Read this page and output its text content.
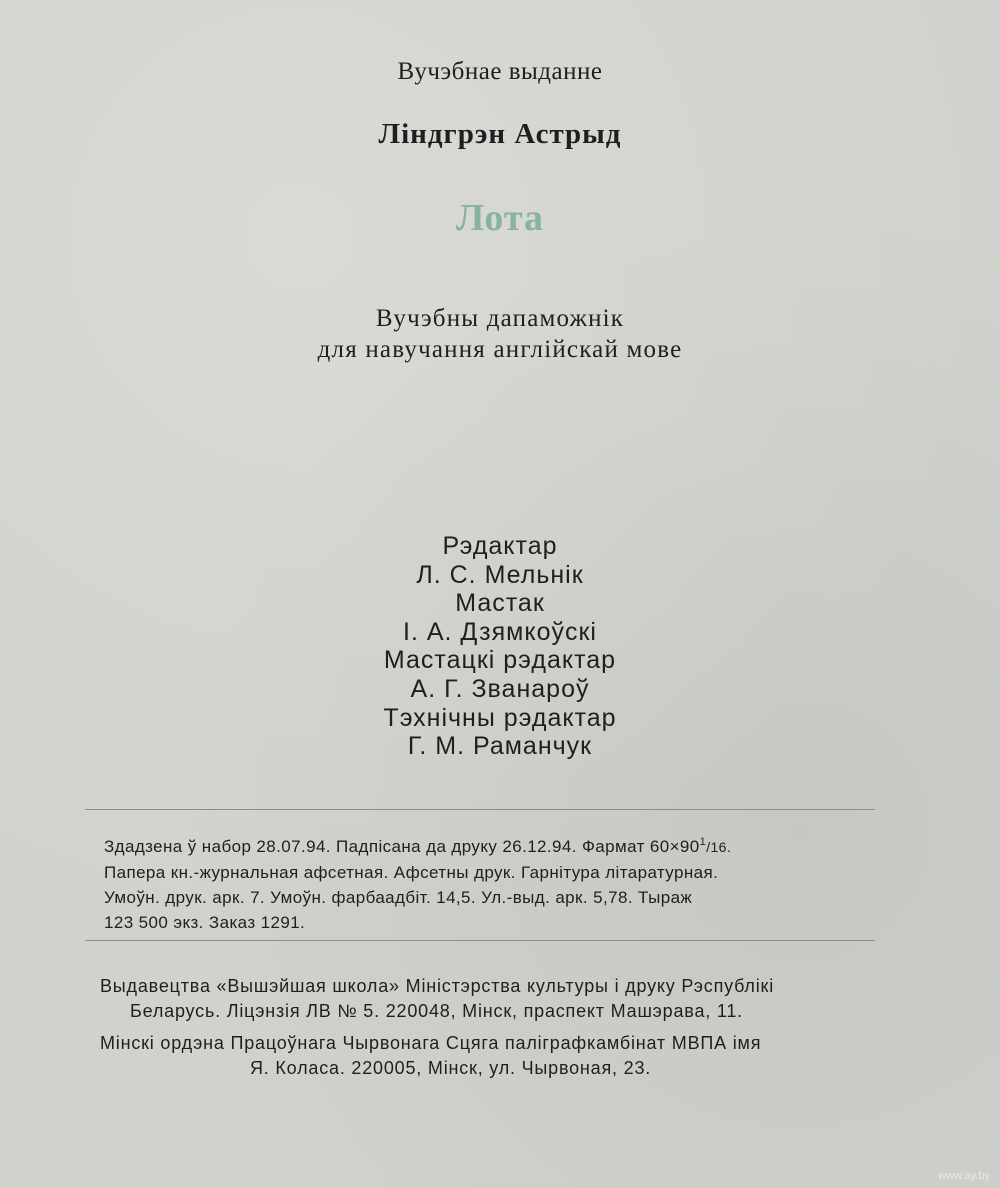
Вучэбнае выданне
Ліндгрэн Астрыд
Лота
Вучэбны дапаможнік
для навучання англійскай мове
Рэдактар
Л. С. Мельнік
Мастак
І. А. Дзямкоўскі
Мастацкі рэдактар
А. Г. Званароў
Тэхнічны рэдактар
Г. М. Раманчук
Здадзена ў набор 28.07.94. Падпісана да друку 26.12.94. Фармат $60\times 90^1/16$.
Папера кн.-журнальная афсетная. Афсетны друк. Гарнітура літаратурная.
Умоўн. друк. арк. 7. Умоўн. фарбаадбіт. 14,5. Ул.-выд. арк. 5,78. Тыраж
123 500 экз. Заказ 1291.
Выдавецтва «Вышэйшая школа» Міністэрства культуры і друку Рэспублікі
Беларусь. Ліцэнзія ЛВ № 5. 220048, Мінск, праспект Машэрава, 11.
Мінскі ордэна Працоўнага Чырвонага Сцяга паліграфкамбінат МВПА імя
Я. Коласа. 220005, Мінск, ул. Чырвоная, 23.
www.ay.by
